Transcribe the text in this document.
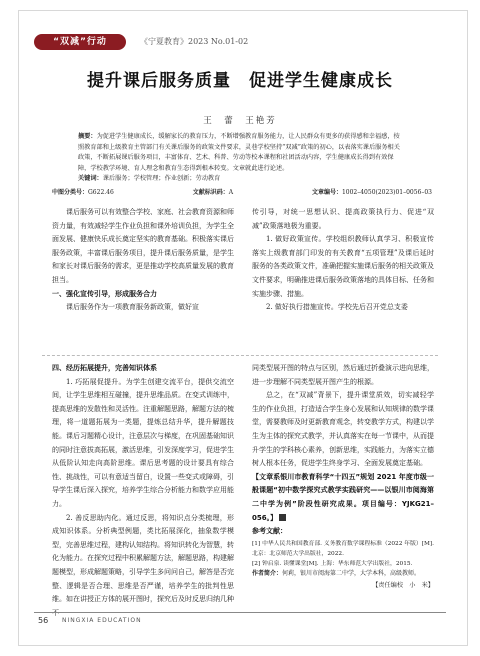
“双减”行动	《宁夏教育》2023 No.01-02
提升课后服务质量　促进学生健康成长
王　蕾　王艳芳
摘要：为促进学生健康成长，缓解家长的教育压力，不断增强教育服务能力，让人民群众有更多的获得感和幸福感，按照教育部和上级教育主管部门有关课后服务的政策文件要求，灵巷学校坚持“双减”政策的初心，以表落实课后服务相关政策，不断拓展课后服务项目，丰富体育、艺术、科普、劳动等校本课程和社团活动内容，学生健康成长得到有效保障，学校教学环境、育人理念和教育生态得到根本转变。文章就此进行论述。
关键词：课后服务；学校管理；作业创新；劳动教育
中图分类号：G622.46	文献标识码：A	文章编号：1002–4050(2023)01–0056–03

课后服务可以有效整合学校、家庭、社会教育资源和师资力量，有效减轻学生作业负担和课外培训负担，为学生全面发展、健康快乐成长奠定坚实的教育基础。积极落实课后服务政策，丰富课后服务项目，提升课后服务质量，是学生和家长对课后服务的需求，更是推动学校高质量发展的教育担当。

一、强化宣传引导，形成服务合力

课后服务作为一项教育服务新政策，做好宣

传引导，对统一思想认识、提高政策执行力、促进“双减”政策落地极为重要。

1. 做好政策宣传。学校组织教师认真学习、积极宣传落实上级教育部门印发的有关教育“五项管理”及课后延时服务的各类政策文件，准确把握实施课后服务的相关政策及文件要求，明确推进课后服务政策落地的具体目标、任务和实施步骤、措施。

2. 做好执行措施宣传。学校先后召开党总支委

四、经历拓展提升，完善知识体系

1. 巧拓展促提升。为学生创建交流平台，提供交流空间，让学生思维相互碰撞，提升思维品质。在变式训练中，提高思维的发散性和灵活性。注重解题思路，解题方法的梳理，将一道题拓展为一类题，提炼总结升华，提升解题技能。课后习题精心设计，注意层次与梯度，在巩固基础知识的同时注意拔高拓展，激活思维，引发深度学习，促进学生从低阶认知走向高阶思维。课后思考题的设计要具有综合性、挑战性，可以有意适当留白，设置一些变式或障碍，引导学生课后深入探究，培养学生综合分析能力和数学应用能力。

2. 善反思助内化。通过反思，将知识点分类梳理，形成知识体系。分析典型例题，类比拓展深化，抽象数学模型，完善思维过程，建构认知结构。将知识转化为智慧，转化为能力。在探究过程中积累解题方法，解题思路，构建解题模型，形成解题策略，引导学生多问问自己，解答是否完整、逻辑是否合理、思维是否严谨，培养学生的批判性思维。如在讲授正方体的展开图时，探究后及时反思归纳几种不

同类型展开图的特点与区别，然后通过折叠演示进向思维，进一步理解不同类型展开图产生的根源。

总之，在“双减”背景下，提升课堂质效，切实减轻学生的作业负担，打造适合学生身心发展和认知规律的数学课堂，需要教师及时更新教育观念，转变教学方式，构建以学生为主体的探究式教学，并认真落实在每一节课中，从而提升学生的学科核心素养，创新思维，实践能力，为落实立德树人根本任务，促进学生终身学习、全面发展奠定基础。

【文章系银川市教育科学“十四五”规划 2021 年度市级一般课题“初中数学探究式教学实践研究——以银川市阅海第二中学为例”阶段性研究成果。项目编号：YJKG21–056。】

参考文献：

[1] 中华人民共和国教育部. 义务教育数学课程标准（2022 年版）[M]. 北京：北京师范大学出版社，2022.

[2] 钟启泉. 读懂课堂[M]. 上海：华东师范大学出版社，2015.

作者简介：何莉，银川市阅海第二中学，大学本科，高级教师。

【责任编校　小　米】

56 NINGXIA EDUCATION
